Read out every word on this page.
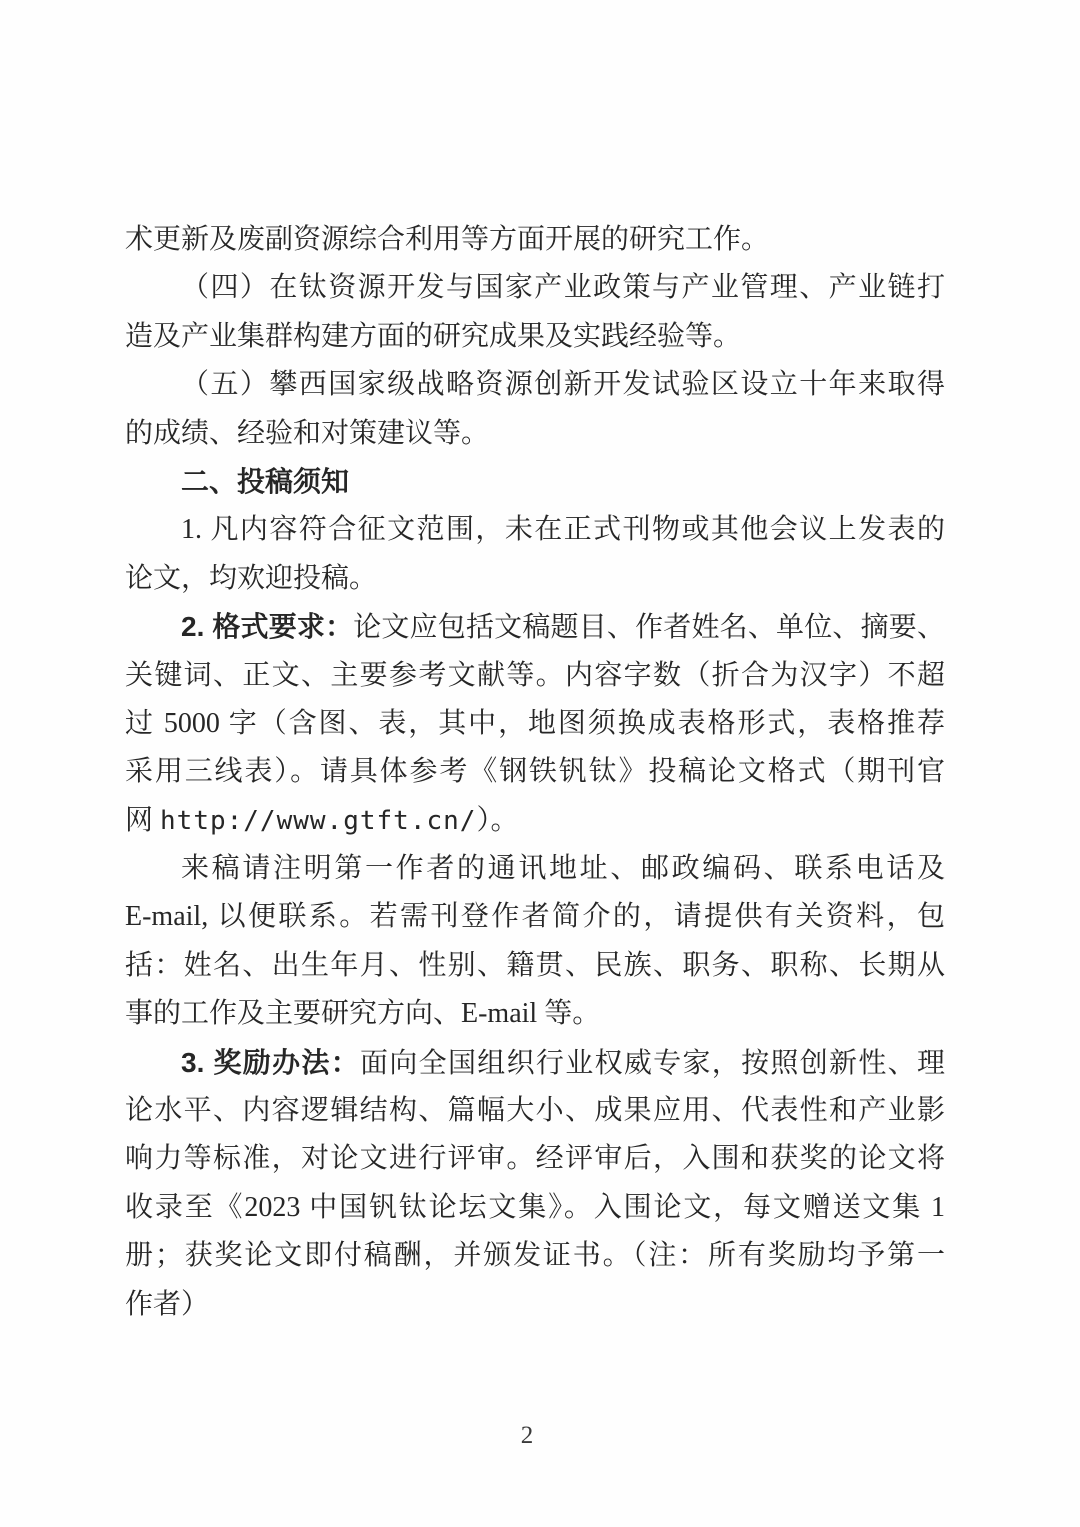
术更新及废副资源综合利用等方面开展的研究工作。
（四）在钛资源开发与国家产业政策与产业管理、产业链打
造及产业集群构建方面的研究成果及实践经验等。
（五）攀西国家级战略资源创新开发试验区设立十年来取得
的成绩、经验和对策建议等。
二、投稿须知
1. 凡内容符合征文范围，未在正式刊物或其他会议上发表的
论文，均欢迎投稿。
2. 格式要求：论文应包括文稿题目、作者姓名、单位、摘要、
关键词、正文、主要参考文献等。内容字数（折合为汉字）不超
过 5000 字（含图、表，其中，地图须换成表格形式，表格推荐
采用三线表）。请具体参考《钢铁钒钛》投稿论文格式（期刊官
网 http://www.gtft.cn/）。
来稿请注明第一作者的通讯地址、邮政编码、联系电话及
E-mail, 以便联系。若需刊登作者简介的，请提供有关资料，包
括：姓名、出生年月、性别、籍贯、民族、职务、职称、长期从
事的工作及主要研究方向、E-mail 等。
3. 奖励办法：面向全国组织行业权威专家，按照创新性、理
论水平、内容逻辑结构、篇幅大小、成果应用、代表性和产业影
响力等标准，对论文进行评审。经评审后，入围和获奖的论文将
收录至《2023 中国钒钛论坛文集》。入围论文，每文赠送文集 1
册；获奖论文即付稿酬，并颁发证书。（注：所有奖励均予第一
作者）
2
